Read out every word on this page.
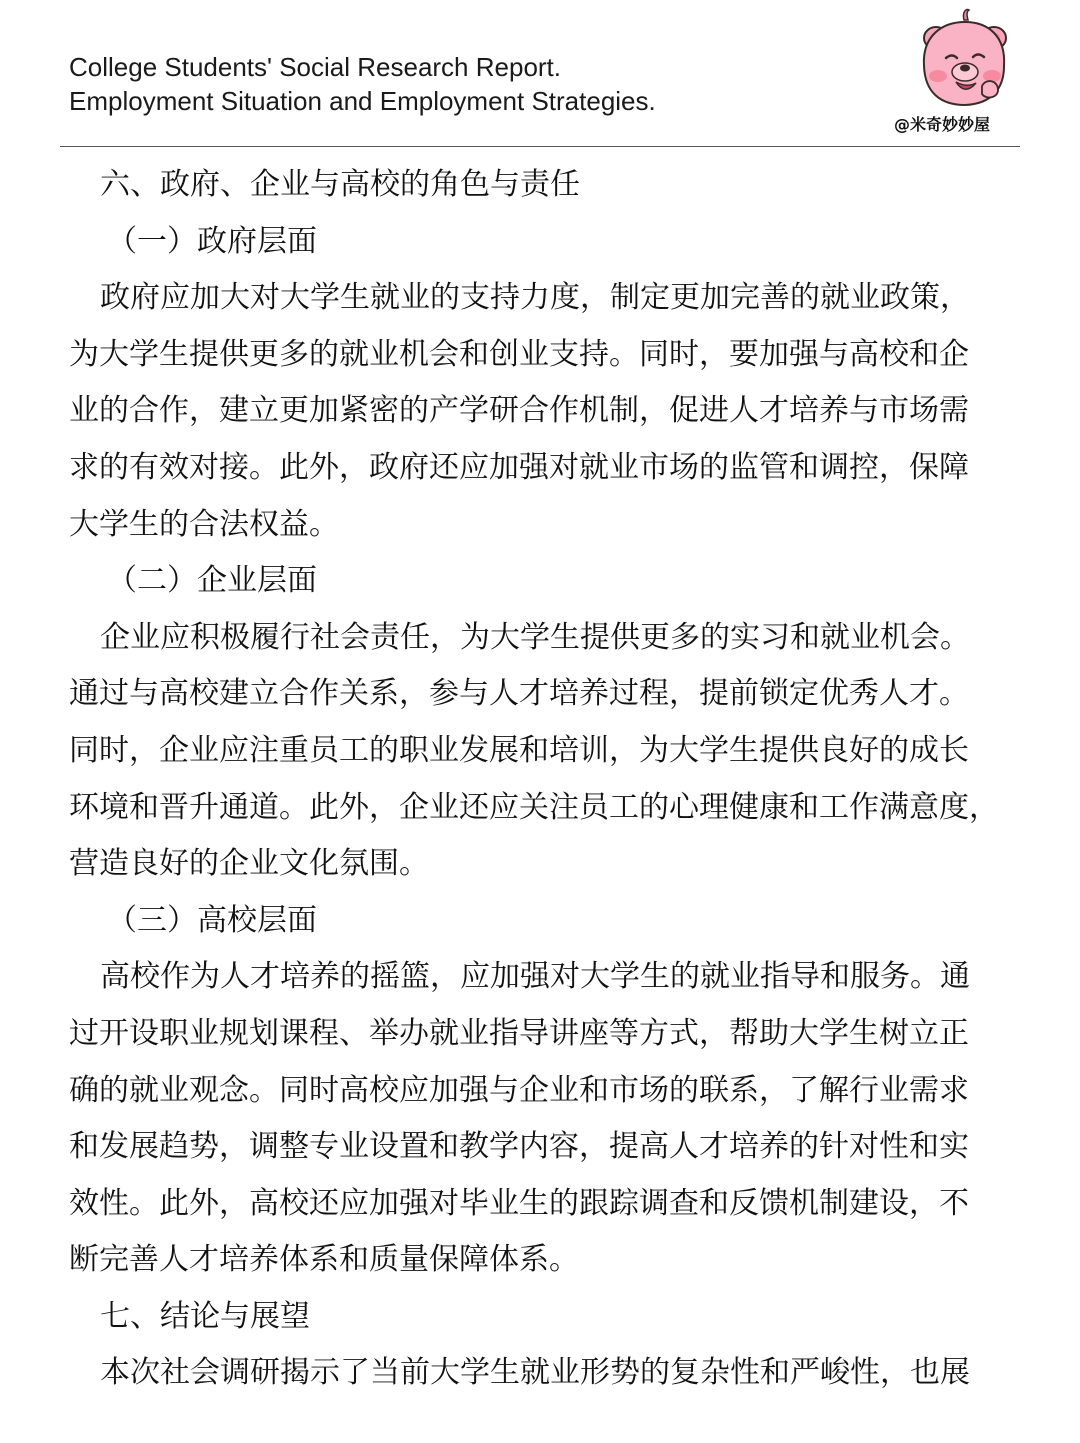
College Students' Social Research Report.
Employment Situation and Employment Strategies.
@米奇妙妙屋
六、政府、企业与高校的角色与责任
（一）政府层面
政府应加大对大学生就业的支持力度，制定更加完善的就业政策，
为大学生提供更多的就业机会和创业支持。同时，要加强与高校和企
业的合作，建立更加紧密的产学研合作机制，促进人才培养与市场需
求的有效对接。此外，政府还应加强对就业市场的监管和调控，保障
大学生的合法权益。
（二）企业层面
企业应积极履行社会责任，为大学生提供更多的实习和就业机会。
通过与高校建立合作关系，参与人才培养过程，提前锁定优秀人才。
同时，企业应注重员工的职业发展和培训，为大学生提供良好的成长
环境和晋升通道。此外，企业还应关注员工的心理健康和工作满意度，
营造良好的企业文化氛围。
（三）高校层面
高校作为人才培养的摇篮，应加强对大学生的就业指导和服务。通
过开设职业规划课程、举办就业指导讲座等方式，帮助大学生树立正
确的就业观念。同时高校应加强与企业和市场的联系，了解行业需求
和发展趋势，调整专业设置和教学内容，提高人才培养的针对性和实
效性。此外，高校还应加强对毕业生的跟踪调查和反馈机制建设，不
断完善人才培养体系和质量保障体系。
七、结论与展望
本次社会调研揭示了当前大学生就业形势的复杂性和严峻性，也展
